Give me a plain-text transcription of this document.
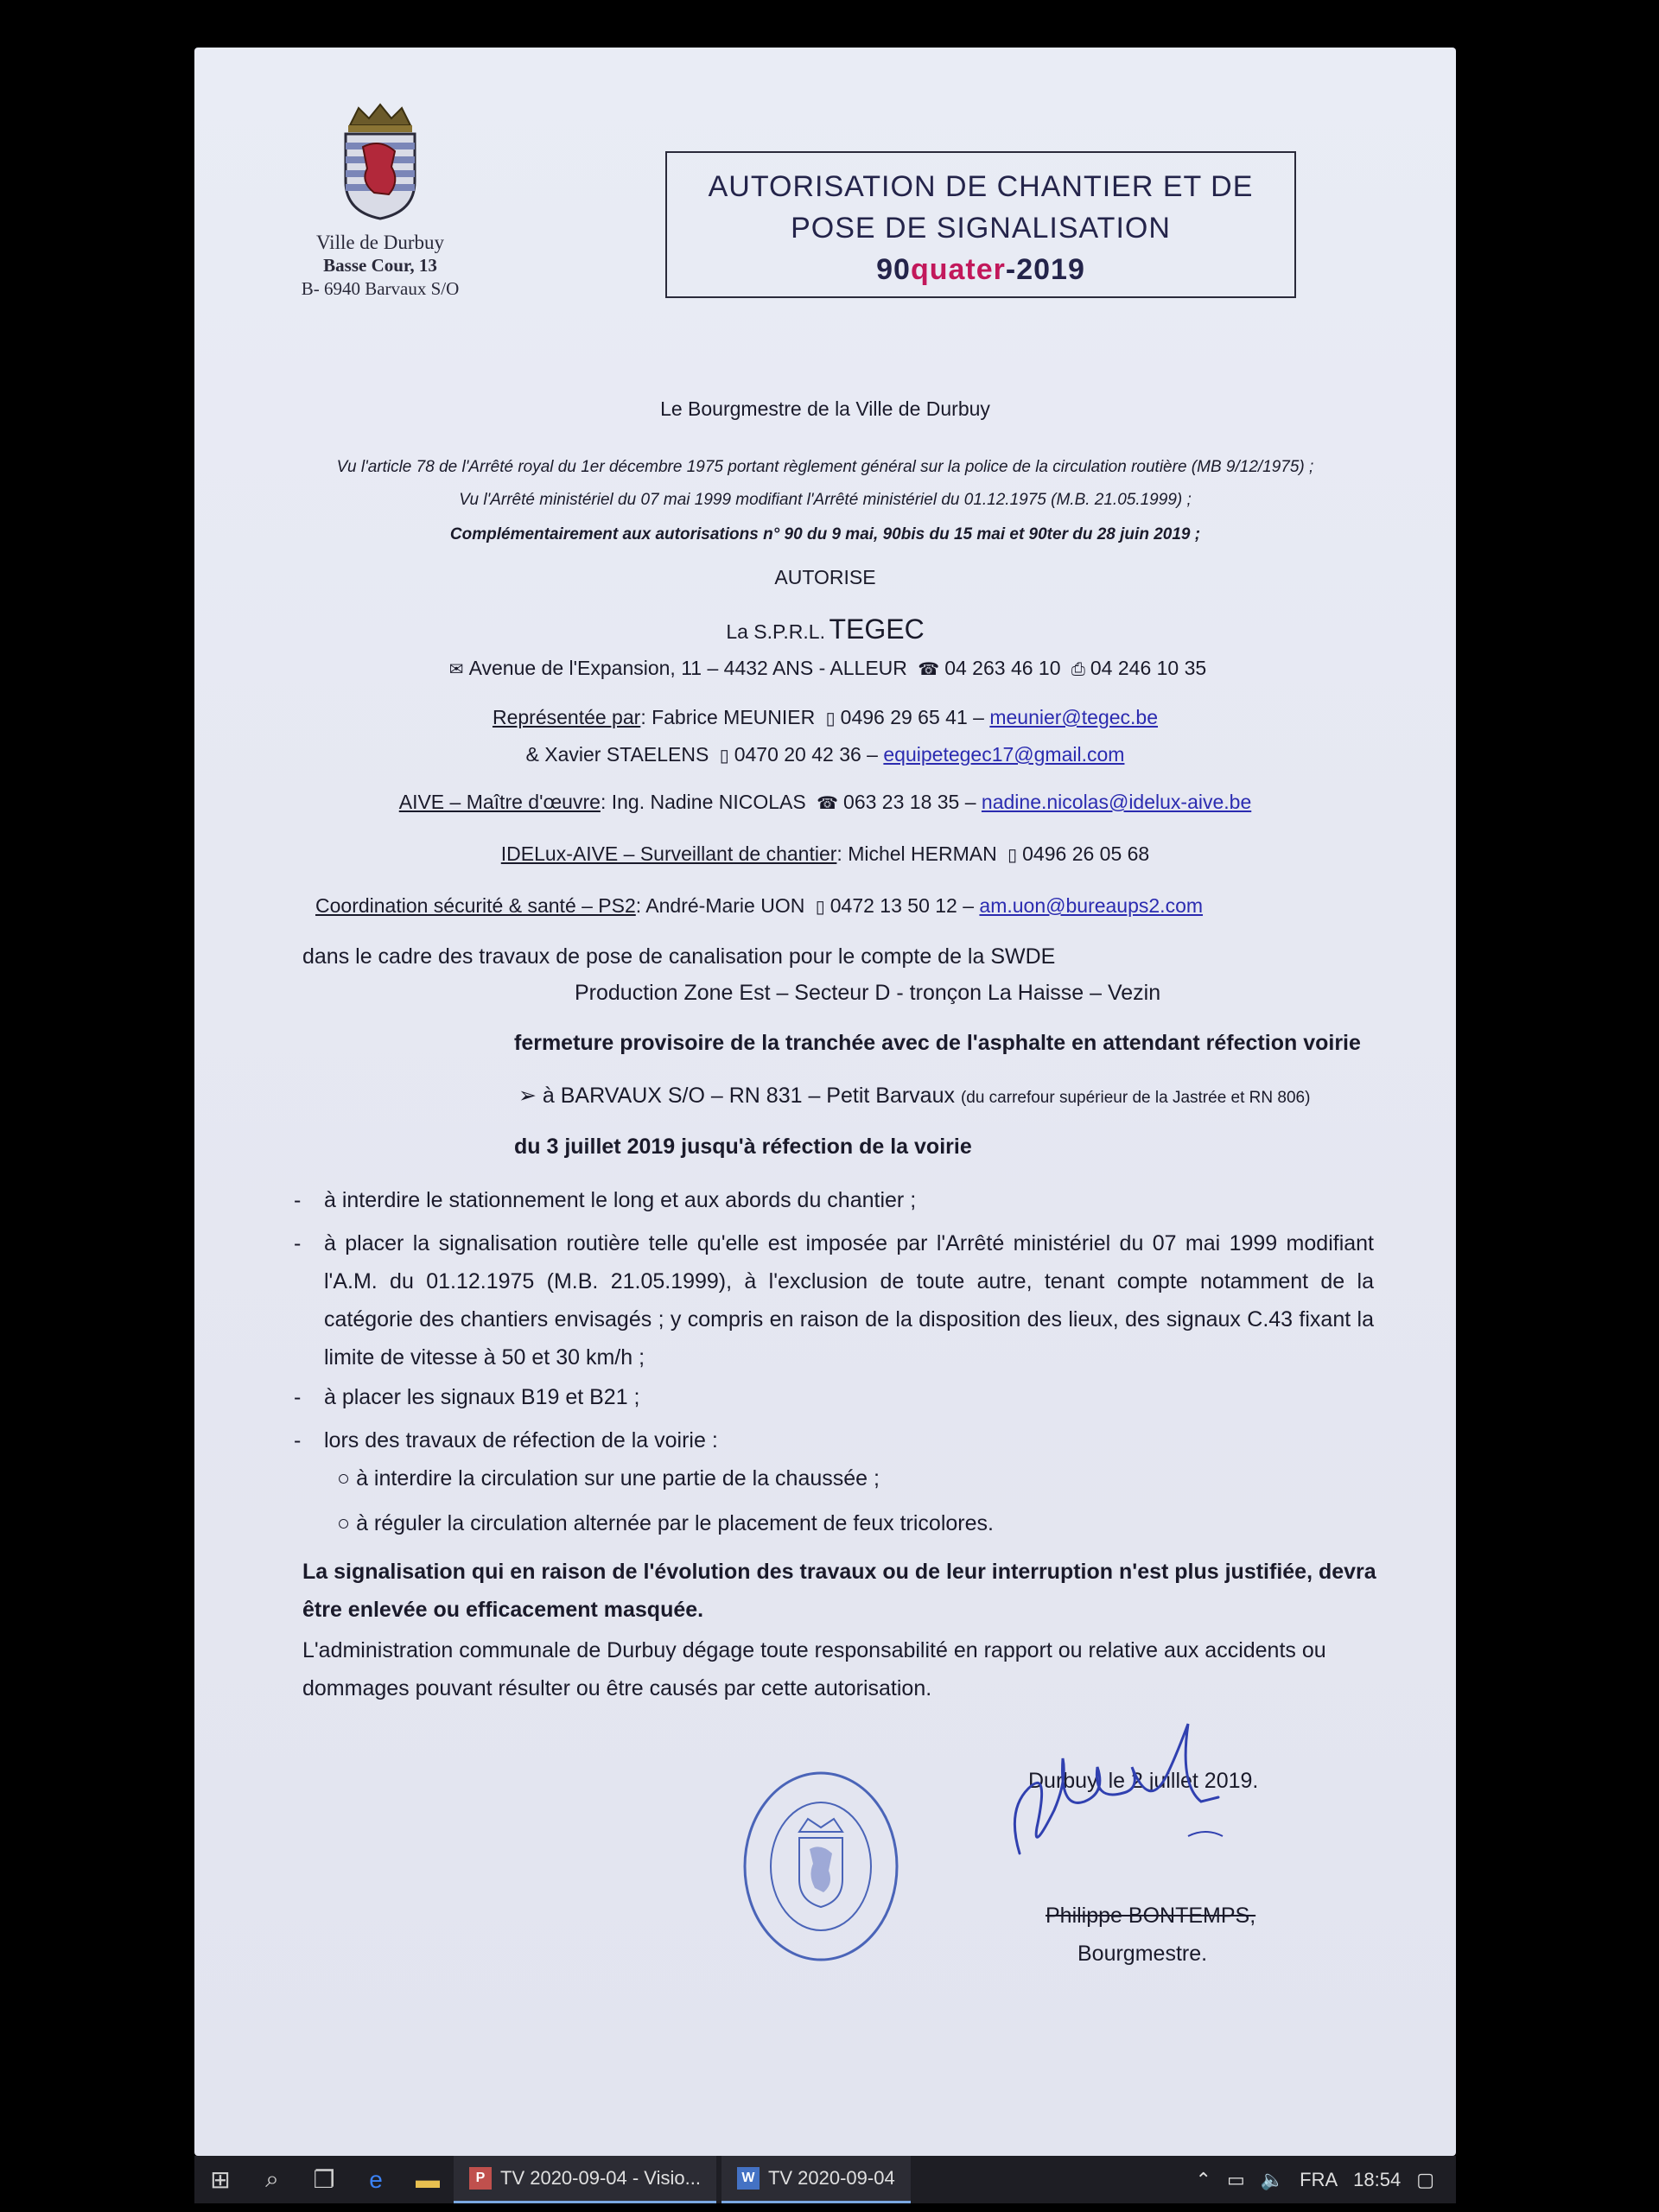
Ville de Durbuy
Basse Cour, 13
B- 6940 Barvaux S/O
AUTORISATION DE CHANTIER ET DE
POSE DE SIGNALISATION
90quater-2019
Le Bourgmestre de la Ville de Durbuy
Vu l'article 78 de l'Arrêté royal du 1er décembre 1975 portant règlement général sur la police de la circulation routière (MB 9/12/1975) ;
Vu l'Arrêté ministériel du 07 mai 1999 modifiant l'Arrêté ministériel du 01.12.1975 (M.B. 21.05.1999) ;
Complémentairement aux autorisations n° 90 du 9 mai, 90bis du 15 mai et 90ter du 28 juin 2019 ;
AUTORISE
La S.P.R.L. TEGEC
✉ Avenue de l'Expansion, 11 – 4432 ANS - ALLEUR ☎ 04 263 46 10 ⎙ 04 246 10 35
Représentée par: Fabrice MEUNIER ▯ 0496 29 65 41 – meunier@tegec.be
& Xavier STAELENS ▯ 0470 20 42 36 – equipetegec17@gmail.com
AIVE – Maître d'œuvre: Ing. Nadine NICOLAS ☎ 063 23 18 35 – nadine.nicolas@idelux-aive.be
IDELux-AIVE – Surveillant de chantier: Michel HERMAN ▯ 0496 26 05 68
Coordination sécurité & santé – PS2: André-Marie UON ▯ 0472 13 50 12 – am.uon@bureaups2.com
dans le cadre des travaux de pose de canalisation pour le compte de la SWDE
Production Zone Est – Secteur D - tronçon La Haisse – Vezin
fermeture provisoire de la tranchée avec de l'asphalte en attendant réfection voirie
➢ à BARVAUX S/O – RN 831 – Petit Barvaux (du carrefour supérieur de la Jastrée et RN 806)
du 3 juillet 2019 jusqu'à réfection de la voirie
- à interdire le stationnement le long et aux abords du chantier ;
- à placer la signalisation routière telle qu'elle est imposée par l'Arrêté ministériel du 07 mai 1999 modifiant l'A.M. du 01.12.1975 (M.B. 21.05.1999), à l'exclusion de toute autre, tenant compte notamment de la catégorie des chantiers envisagés ; y compris en raison de la disposition des lieux, des signaux C.43 fixant la limite de vitesse à 50 et 30 km/h ;
- à placer les signaux B19 et B21 ;
- lors des travaux de réfection de la voirie :
○ à interdire la circulation sur une partie de la chaussée ;
○ à réguler la circulation alternée par le placement de feux tricolores.
La signalisation qui en raison de l'évolution des travaux ou de leur interruption n'est plus justifiée, devra être enlevée ou efficacement masquée.
L'administration communale de Durbuy dégage toute responsabilité en rapport ou relative aux accidents ou dommages pouvant résulter ou être causés par cette autorisation.
Durbuy, le 2 juillet 2019.
Philippe BONTEMPS,
Bourgmestre.
⊞	⌕	❐	e	▬	P TV 2020-09-04 - Visio...	W TV 2020-09-04	⌃ ▭ 🔈 FRA 18:54 ▢
